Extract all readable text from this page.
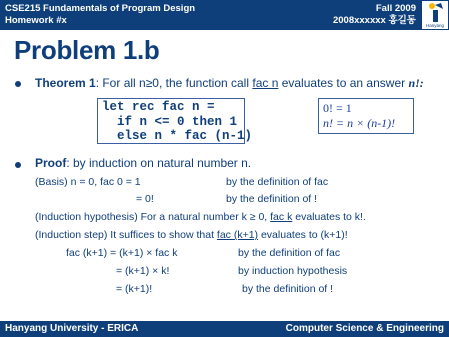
CSE215 Fundamentals of Program Design
Homework #x
Fall 2009
2008xxxxxx 홍길동 Hanyang
Problem 1.b
Theorem 1: For all n≥0, the function call fac n evaluates to an answer n!:
let rec fac n =
if n <= 0 then 1
else n * fac (n-1)
0! = 1
n! = n × (n-1)!
Proof: by induction on natural number n.
(Basis) n = 0, fac 0 = 1	by the definition of fac
= 0!	by the definition of !
(Induction hypothesis) For a natural number k ≥ 0, fac k evaluates to k!.
(Induction step) It suffices to show that fac (k+1) evaluates to (k+1)!
fac (k+1) = (k+1) × fac k	by the definition of fac
= (k+1) × k!	by induction hypothesis
= (k+1)!	by the definition of !
Hanyang University - ERICA	Computer Science & Engineering
